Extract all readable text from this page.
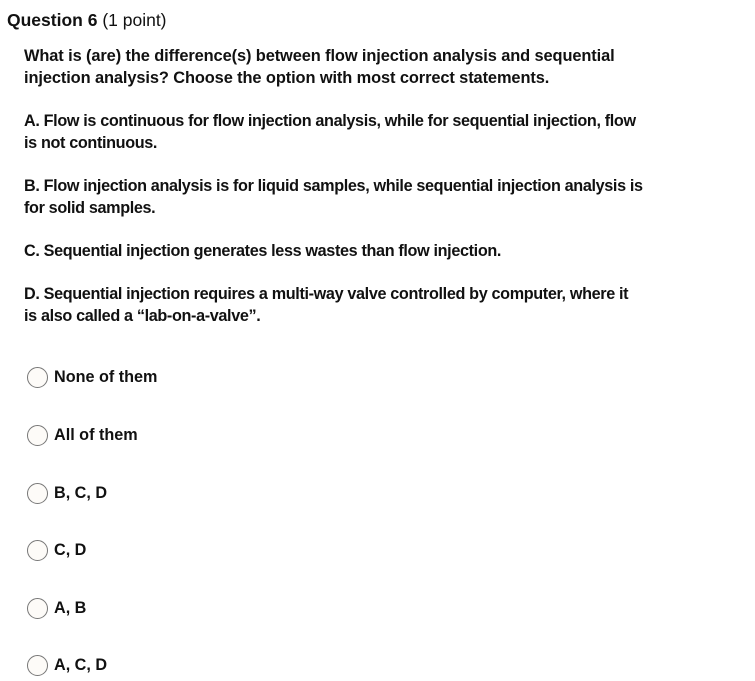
Question 6 (1 point)
What is (are) the difference(s) between flow injection analysis and sequential
injection analysis? Choose the option with most correct statements.
A. Flow is continuous for flow injection analysis, while for sequential injection, flow
is not continuous.
B. Flow injection analysis is for liquid samples, while sequential injection analysis is
for solid samples.
C. Sequential injection generates less wastes than flow injection.
D. Sequential injection requires a multi-way valve controlled by computer, where it
is also called a “lab-on-a-valve”.
None of them
All of them
B, C, D
C, D
A, B
A, C, D
